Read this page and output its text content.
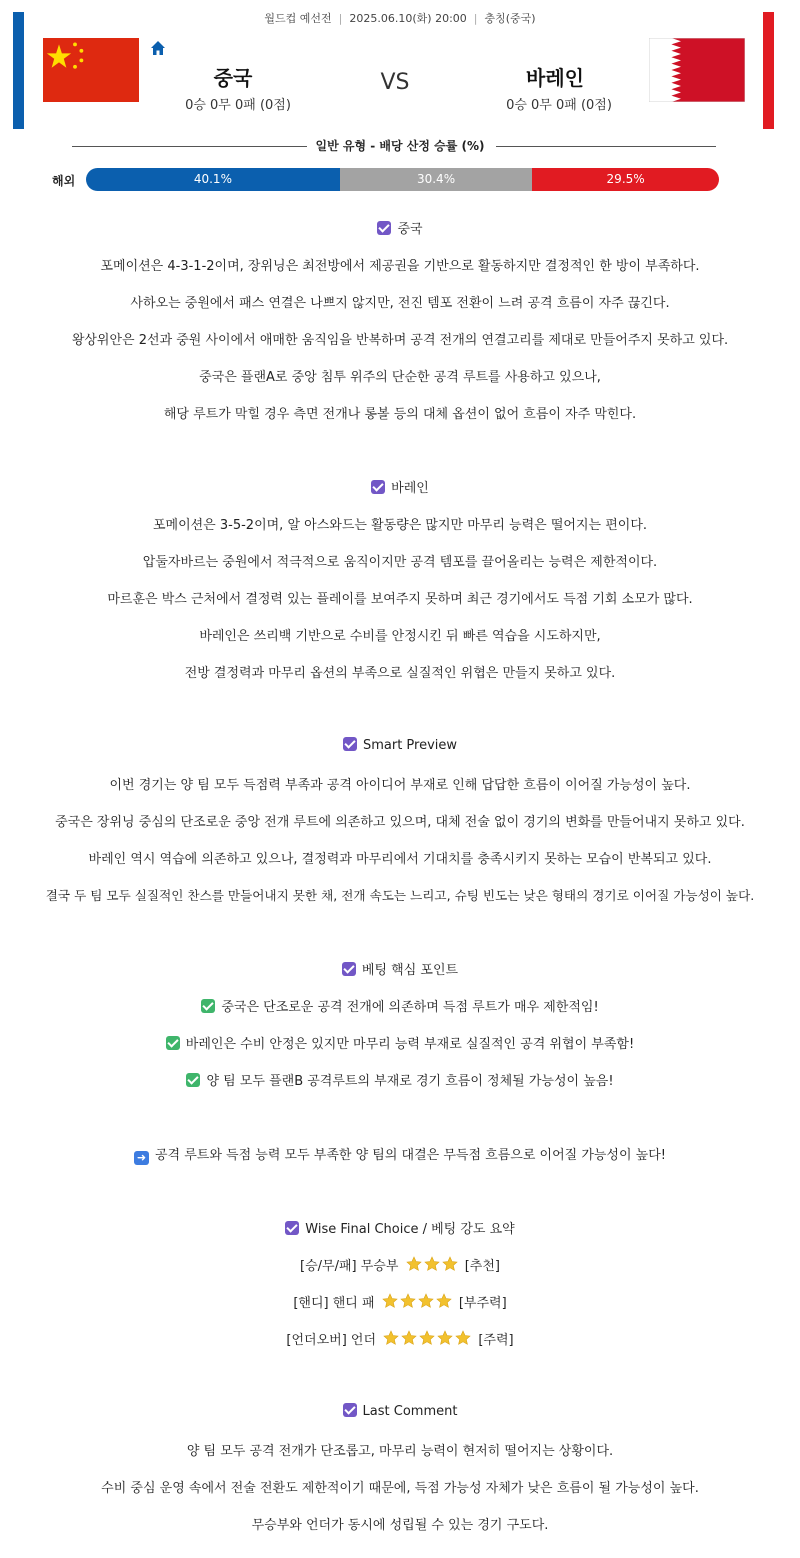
월드컵 예선전 | 2025.06.10(화) 20:00 | 충칭(중국)
중국
0승 0무 0패 (0점)
VS	바레인
0승 0무 0패 (0점)
일반 유형 - 배당 산정 승률 (%)
해외	40.1%	30.4%	29.5%
중국
포메이션은 4-3-1-2이며, 장위닝은 최전방에서 제공권을 기반으로 활동하지만 결정적인 한 방이 부족하다.
사하오는 중원에서 패스 연결은 나쁘지 않지만, 전진 템포 전환이 느려 공격 흐름이 자주 끊긴다.
왕상위안은 2선과 중원 사이에서 애매한 움직임을 반복하며 공격 전개의 연결고리를 제대로 만들어주지 못하고 있다.
중국은 플랜A로 중앙 침투 위주의 단순한 공격 루트를 사용하고 있으나,
해당 루트가 막힐 경우 측면 전개나 롱볼 등의 대체 옵션이 없어 흐름이 자주 막힌다.
바레인
포메이션은 3-5-2이며, 알 아스와드는 활동량은 많지만 마무리 능력은 떨어지는 편이다.
압둘자바르는 중원에서 적극적으로 움직이지만 공격 템포를 끌어올리는 능력은 제한적이다.
마르훈은 박스 근처에서 결정력 있는 플레이를 보여주지 못하며 최근 경기에서도 득점 기회 소모가 많다.
바레인은 쓰리백 기반으로 수비를 안정시킨 뒤 빠른 역습을 시도하지만,
전방 결정력과 마무리 옵션의 부족으로 실질적인 위협은 만들지 못하고 있다.
Smart Preview
이번 경기는 양 팀 모두 득점력 부족과 공격 아이디어 부재로 인해 답답한 흐름이 이어질 가능성이 높다.
중국은 장위닝 중심의 단조로운 중앙 전개 루트에 의존하고 있으며, 대체 전술 없이 경기의 변화를 만들어내지 못하고 있다.
바레인 역시 역습에 의존하고 있으나, 결정력과 마무리에서 기대치를 충족시키지 못하는 모습이 반복되고 있다.
결국 두 팀 모두 실질적인 찬스를 만들어내지 못한 채, 전개 속도는 느리고, 슈팅 빈도는 낮은 형태의 경기로 이어질 가능성이 높다.
베팅 핵심 포인트
중국은 단조로운 공격 전개에 의존하며 득점 루트가 매우 제한적임!
바레인은 수비 안정은 있지만 마무리 능력 부재로 실질적인 공격 위협이 부족함!
양 팀 모두 플랜B 공격루트의 부재로 경기 흐름이 정체될 가능성이 높음!
➜ 공격 루트와 득점 능력 모두 부족한 양 팀의 대결은 무득점 흐름으로 이어질 가능성이 높다!
Wise Final Choice / 베팅 강도 요약
[승/무/패] 무승부	[추천]
[핸디] 핸디 패	[부주력]
[언더오버] 언더	[주력]
Last Comment
양 팀 모두 공격 전개가 단조롭고, 마무리 능력이 현저히 떨어지는 상황이다.
수비 중심 운영 속에서 전술 전환도 제한적이기 때문에, 득점 가능성 자체가 낮은 흐름이 될 가능성이 높다.
무승부와 언더가 동시에 성립될 수 있는 경기 구도다.
